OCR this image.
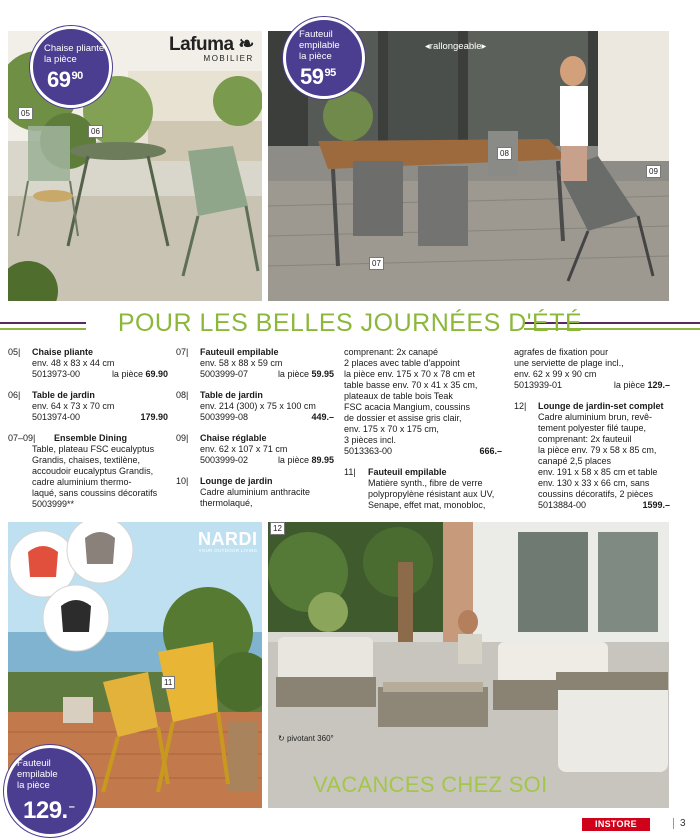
05
06
Chaise pliante
la pièce
$69^{90}$
Lafuma ❧
MOBILIER
08
09
07
◂rallongeable▸
Fauteuil
empilable
la pièce
$59^{95}$
POUR LES BELLES JOURNÉES D'ÉTÉ
05| Chaise pliante
env. 48 x 83 x 44 cm
5013973-00	la pièce 69.90
06| Table de jardin
env. 64 x 73 x 70 cm
5013974-00	179.90
07–09| Ensemble Dining
Table, plateau FSC eucalyptus
Grandis, chaises, textilène,
accoudoir eucalyptus Grandis,
cadre aluminium thermo-
laqué, sans coussins décoratifs
5003999**
07| Fauteuil empilable
env. 58 x 88 x 59 cm
5003999-07	la pièce 59.95
08| Table de jardin
env. 214 (300) x 75 x 100 cm
5003999-08	449.–
09| Chaise réglable
env. 62 x 107 x 71 cm
5003999-02	la pièce 89.95
10| Lounge de jardin
Cadre aluminium anthracite
thermolaqué,
comprenant: 2x canapé
2 places avec table d'appoint
la pièce env. 175 x 70 x 78 cm et
table basse env. 70 x 41 x 35 cm,
plateaux de table bois Teak
FSC acacia Mangium, coussins
de dossier et assise gris clair,
env. 175 x 70 x 175 cm,
3 pièces incl.
5013363-00	666.–
11| Fauteuil empilable
Matière synth., fibre de verre
polypropylène résistant aux UV,
Senape, effet mat, monobloc,
agrafes de fixation pour
une serviette de plage incl.,
env. 62 x 99 x 90 cm
5013939-01	la pièce 129.–
12| Lounge de jardin-set complet
Cadre aluminium brun, revê-
tement polyester filé taupe,
comprenant: 2x fauteuil
la pièce env. 79 x 58 x 85 cm,
canapé 2,5 places
env. 191 x 58 x 85 cm et table
env. 130 x 33 x 66 cm, sans
coussins décoratifs, 2 pièces
5013884-00	1599.–
11
NARDI
YOUR OUTDOOR LIVING
Fauteuil
empilable
la pièce
129.–
12
↻ pivotant 360°
VACANCES CHEZ SOI
INSTORE	3
